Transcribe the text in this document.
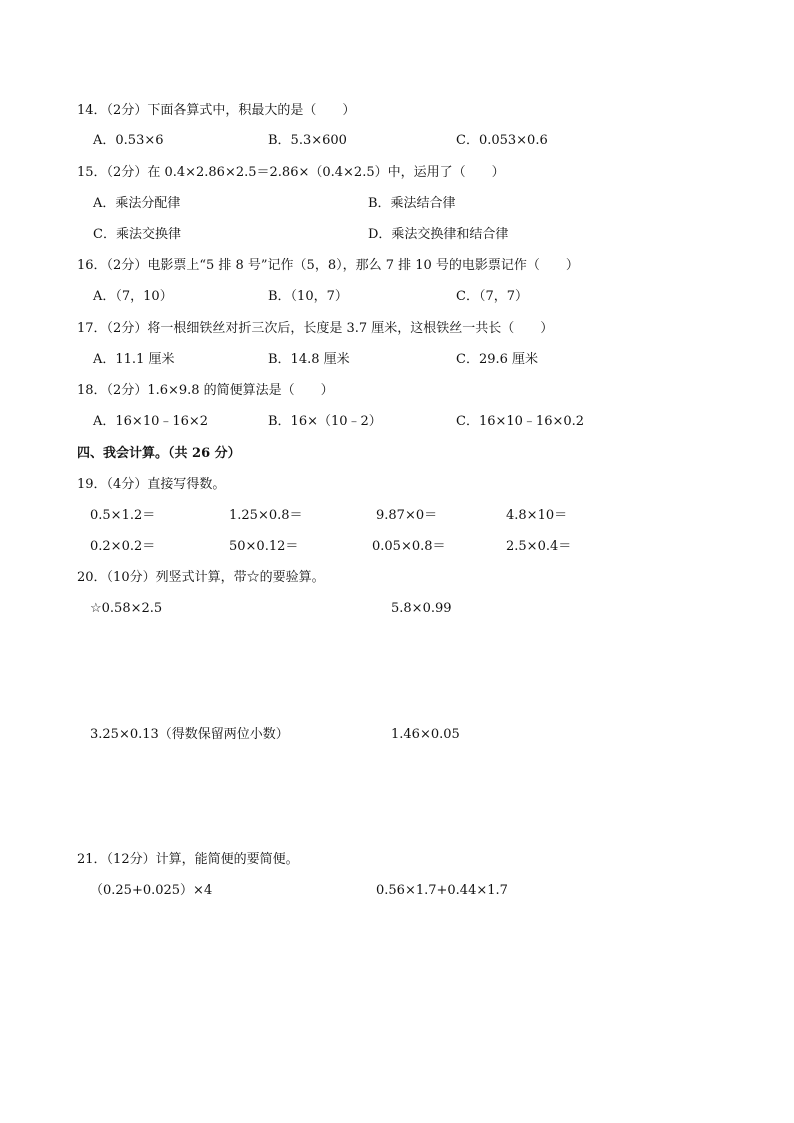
14．（2分）下面各算式中，积最大的是（　　）
A．0.53×6	B．5.3×600	C．0.053×0.6
15．（2分）在 0.4×2.86×2.5＝2.86×（0.4×2.5）中，运用了（　　）
A．乘法分配律	B．乘法结合律
C．乘法交换律	D．乘法交换律和结合律
16．（2分）电影票上“5 排 8 号”记作（5，8），那么 7 排 10 号的电影票记作（　　）
A．（7，10）	B．（10，7）	C．（7，7）
17．（2分）将一根细铁丝对折三次后，长度是 3.7 厘米，这根铁丝一共长（　　）
A．11.1 厘米	B．14.8 厘米	C．29.6 厘米
18．（2分）1.6×9.8 的简便算法是（　　）
A．16×10﹣16×2	B．16×（10﹣2）	C．16×10﹣16×0.2
四、我会计算。（共 26 分）
19．（4分）直接写得数。
0.5×1.2＝	1.25×0.8＝	9.87×0＝	4.8×10＝
0.2×0.2＝	50×0.12＝	0.05×0.8＝	2.5×0.4＝
20．（10分）列竖式计算，带☆的要验算。
☆0.58×2.5	5.8×0.99
3.25×0.13（得数保留两位小数）	1.46×0.05
21．（12分）计算，能简便的要简便。
（0.25+0.025）×4	0.56×1.7+0.44×1.7
